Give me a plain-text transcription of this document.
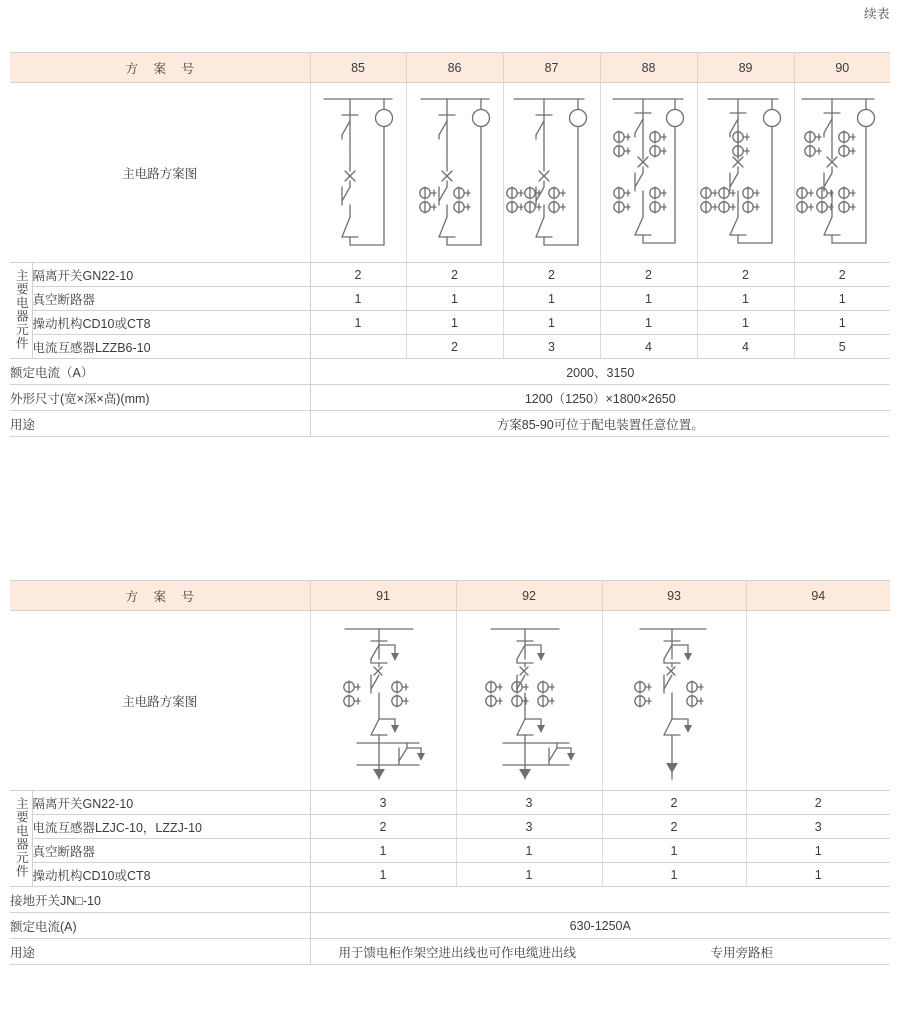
续表
方 案 号		85	86	87	88	89	90
主电路方案图	

主要电器元件	隔离开关GN22-10	2	2	2	2	2	2
	真空断路器	1	1	1	1	1	1
	操动机构CD10或CT8	1	1	1	1	1	1
	电流互感器LZZB6-10		2	3	4	4	5
额定电流（A）		2000、3150					
外形尺寸(宽×深×高)(mm)		1200（1250）×1800×2650					
用途		方案85-90可位于配电装置任意位置。					
方 案 号		91	92	93	94
主电路方案图	

主要电器元件	隔离开关GN22-10	3	3	2	2
	电流互感器LZJC-10，LZZJ-10	2	3	2	3
	真空断路器	1	1	1	1
	操动机构CD10或CT8	1	1	1	1
接地开关JN□-10					
额定电流(A)		630-1250A			
用途		用于馈电柜作架空进出线也可作电缆进出线 专用旁路柜			
